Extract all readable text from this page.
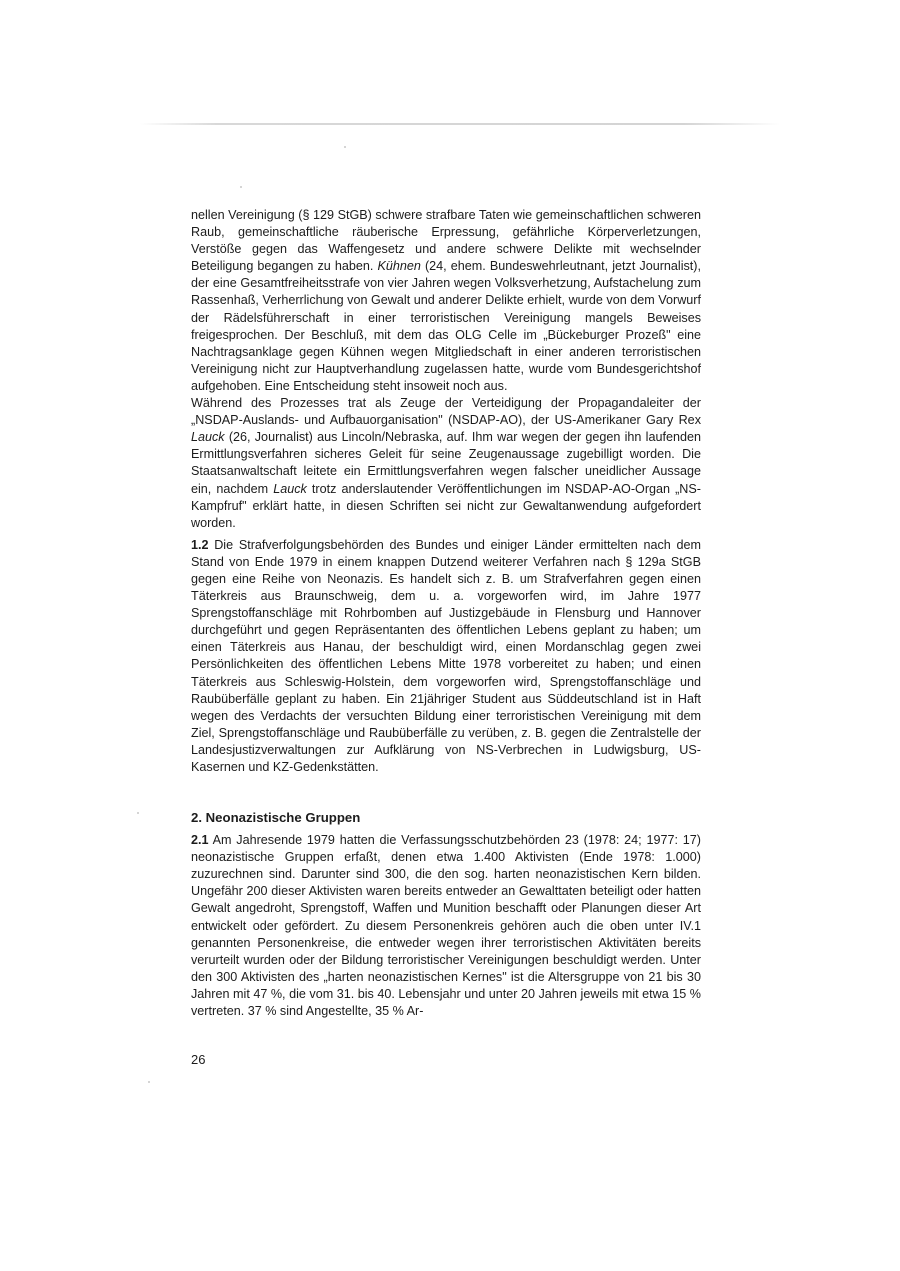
nellen Vereinigung (§ 129 StGB) schwere strafbare Taten wie gemeinschaftlichen schweren Raub, gemeinschaftliche räuberische Erpressung, gefährliche Körperverletzungen, Verstöße gegen das Waffengesetz und andere schwere Delikte mit wechselnder Beteiligung begangen zu haben. Kühnen (24, ehem. Bundeswehrleutnant, jetzt Journalist), der eine Gesamtfreiheitsstrafe von vier Jahren wegen Volksverhetzung, Aufstachelung zum Rassenhaß, Verherrlichung von Gewalt und anderer Delikte erhielt, wurde von dem Vorwurf der Rädelsführerschaft in einer terroristischen Vereinigung mangels Beweises freigesprochen. Der Beschluß, mit dem das OLG Celle im „Bückeburger Prozeß" eine Nachtragsanklage gegen Kühnen wegen Mitgliedschaft in einer anderen terroristischen Vereinigung nicht zur Hauptverhandlung zugelassen hatte, wurde vom Bundesgerichtshof aufgehoben. Eine Entscheidung steht insoweit noch aus.

Während des Prozesses trat als Zeuge der Verteidigung der Propagandaleiter der „NSDAP-Auslands- und Aufbauorganisation" (NSDAP-AO), der US-Amerikaner Gary Rex Lauck (26, Journalist) aus Lincoln/Nebraska, auf. Ihm war wegen der gegen ihn laufenden Ermittlungsverfahren sicheres Geleit für seine Zeugenaussage zugebilligt worden. Die Staatsanwaltschaft leitete ein Ermittlungsverfahren wegen falscher uneidlicher Aussage ein, nachdem Lauck trotz anderslautender Veröffentlichungen im NSDAP-AO-Organ „NS-Kampfruf" erklärt hatte, in diesen Schriften sei nicht zur Gewaltanwendung aufgefordert worden.

1.2 Die Strafverfolgungsbehörden des Bundes und einiger Länder ermittelten nach dem Stand von Ende 1979 in einem knappen Dutzend weiterer Verfahren nach § 129a StGB gegen eine Reihe von Neonazis. Es handelt sich z. B. um Strafverfahren gegen einen Täterkreis aus Braunschweig, dem u. a. vorgeworfen wird, im Jahre 1977 Sprengstoffanschläge mit Rohrbomben auf Justizgebäude in Flensburg und Hannover durchgeführt und gegen Repräsentanten des öffentlichen Lebens geplant zu haben; um einen Täterkreis aus Hanau, der beschuldigt wird, einen Mordanschlag gegen zwei Persönlichkeiten des öffentlichen Lebens Mitte 1978 vorbereitet zu haben; und einen Täterkreis aus Schleswig-Holstein, dem vorgeworfen wird, Sprengstoffanschläge und Raubüberfälle geplant zu haben. Ein 21jähriger Student aus Süddeutschland ist in Haft wegen des Verdachts der versuchten Bildung einer terroristischen Vereinigung mit dem Ziel, Sprengstoffanschläge und Raubüberfälle zu verüben, z. B. gegen die Zentralstelle der Landesjustizverwaltungen zur Aufklärung von NS-Verbrechen in Ludwigsburg, US-Kasernen und KZ-Gedenkstätten.

2. Neonazistische Gruppen

2.1 Am Jahresende 1979 hatten die Verfassungsschutzbehörden 23 (1978: 24; 1977: 17) neonazistische Gruppen erfaßt, denen etwa 1.400 Aktivisten (Ende 1978: 1.000) zuzurechnen sind. Darunter sind 300, die den sog. harten neonazistischen Kern bilden. Ungefähr 200 dieser Aktivisten waren bereits entweder an Gewalttaten beteiligt oder hatten Gewalt angedroht, Sprengstoff, Waffen und Munition beschafft oder Planungen dieser Art entwickelt oder gefördert. Zu diesem Personenkreis gehören auch die oben unter IV.1 genannten Personenkreise, die entweder wegen ihrer terroristischen Aktivitäten bereits verurteilt wurden oder der Bildung terroristischer Vereinigungen beschuldigt werden. Unter den 300 Aktivisten des „harten neonazistischen Kernes" ist die Altersgruppe von 21 bis 30 Jahren mit 47 %, die vom 31. bis 40. Lebensjahr und unter 20 Jahren jeweils mit etwa 15 % vertreten. 37 % sind Angestellte, 35 % Ar-

26
